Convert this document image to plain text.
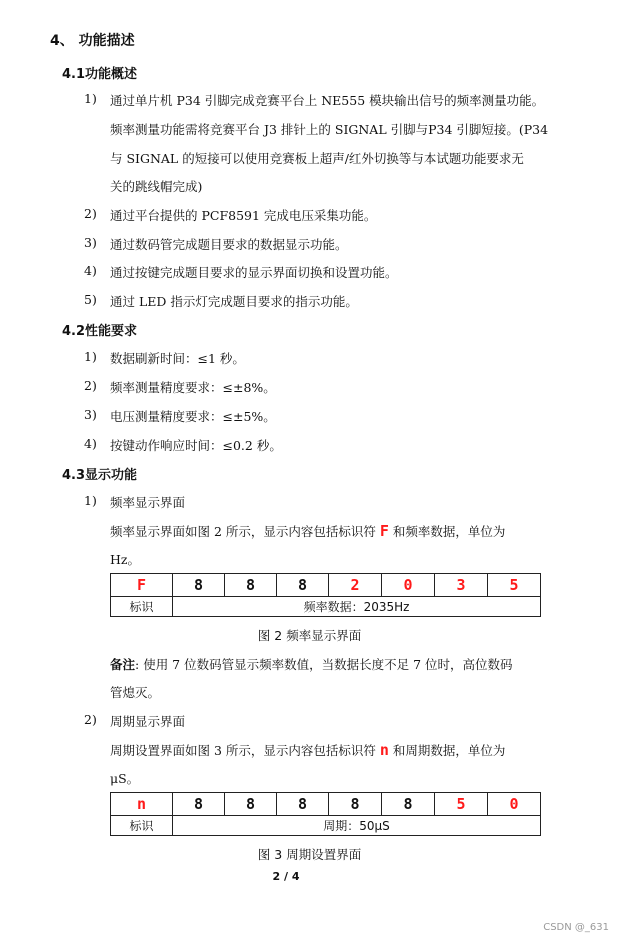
4、 功能描述
4.1功能概述
1)	通过单片机 P34 引脚完成竞赛平台上 NE555 模块输出信号的频率测量功能。
频率测量功能需将竞赛平台 J3 排针上的 SIGNAL 引脚与P34 引脚短接。(P34
与 SIGNAL 的短接可以使用竞赛板上超声/红外切换等与本试题功能要求无
关的跳线帽完成)
2)	通过平台提供的 PCF8591 完成电压采集功能。
3)	通过数码管完成题目要求的数据显示功能。
4)	通过按键完成题目要求的显示界面切换和设置功能。
5)	通过 LED 指示灯完成题目要求的指示功能。
4.2性能要求
1)	数据刷新时间：≤1 秒。
2)	频率测量精度要求：≤±8%。
3)	电压测量精度要求：≤±5%。
4)	按键动作响应时间：≤0.2 秒。
4.3显示功能
1)	频率显示界面
频率显示界面如图 2 所示，显示内容包括标识符 F 和频率数据，单位为
Hz。
F	8	8	8	2	0	3	5
标识	频率数据：2035Hz						
图 2 频率显示界面
备注: 使用 7 位数码管显示频率数值，当数据长度不足 7 位时，高位数码
管熄灭。
2)	周期显示界面
周期设置界面如图 3 所示，显示内容包括标识符 n 和周期数据，单位为
μS。
n	8	8	8	8	8	5	0
标识	周期：50μS						
图 3 周期设置界面
2 / 4
CSDN @_631
